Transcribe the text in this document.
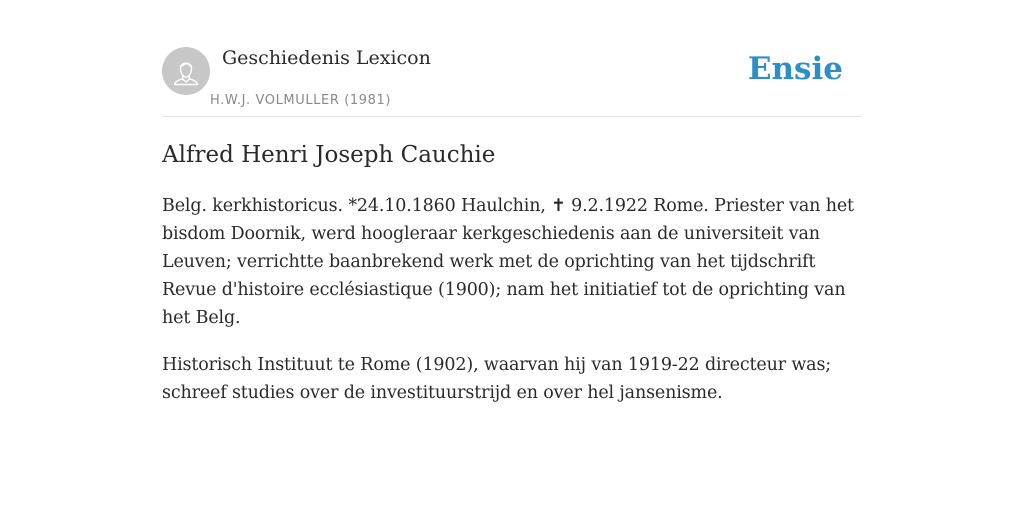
Geschiedenis Lexicon
H.W.J. VOLMULLER (1981)
Ensie
Alfred Henri Joseph Cauchie

Belg. kerkhistoricus. *24.10.1860 Haulchin, ✝ 9.2.1922 Rome. Priester van het bisdom Doornik, werd hoogleraar kerkgeschiedenis aan de universiteit van Leuven; verrichtte baanbrekend werk met de oprichting van het tijdschrift Revue d'histoire ecclésiastique (1900); nam het initiatief tot de oprichting van het Belg.

Historisch Instituut te Rome (1902), waarvan hij van 1919-22 directeur was; schreef studies over de investituurstrijd en over hel jansenisme.
